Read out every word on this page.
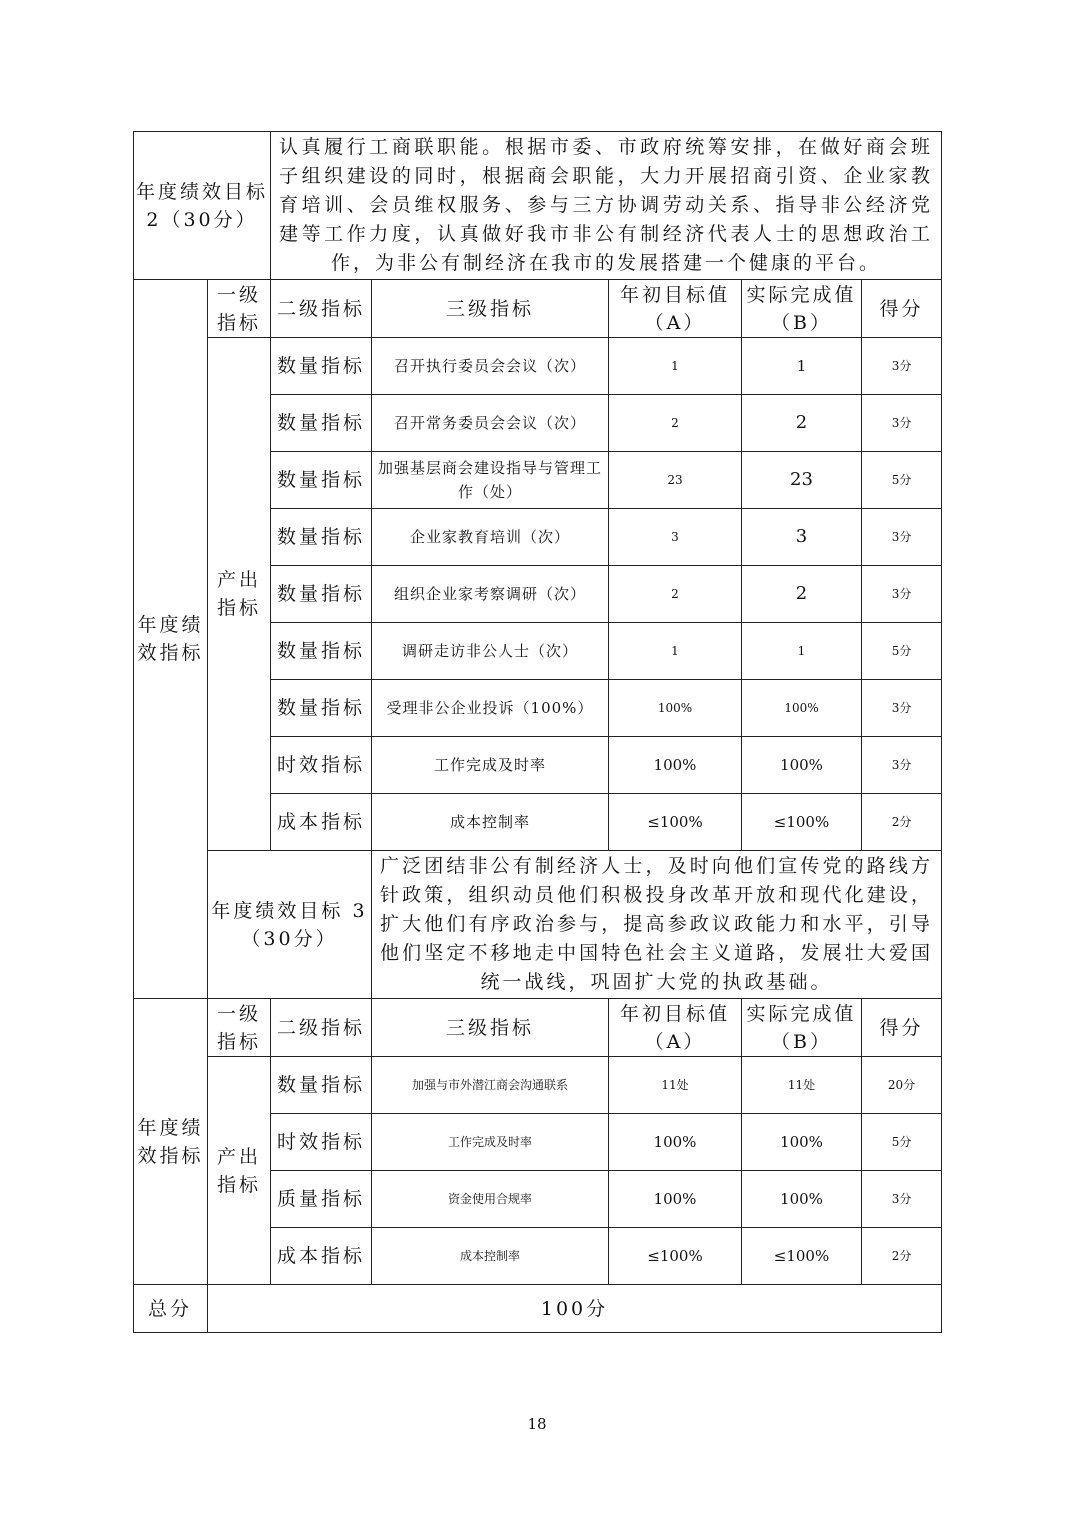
年度绩效目标 2（30分）		认真履行工商联职能。根据市委、市政府统筹安排，在做好商会班子组织建设的同时，根据商会职能，大力开展招商引资、企业家教育培训、会员维权服务、参与三方协调劳动关系、指导非公经济党建等工作力度，认真做好我市非公有制经济代表人士的思想政治工作，为非公有制经济在我市的发展搭建一个健康的平台。				
年度绩效指标	一级指标	二级指标	三级指标	年初目标值（A）	实际完成值（B）	得分
	产出指标	数量指标	召开执行委员会会议（次）	1	1	3分
		数量指标	召开常务委员会会议（次）	2	2	3分
		数量指标	加强基层商会建设指导与管理工作（处）	23	23	5分
		数量指标	企业家教育培训（次）	3	3	3分
		数量指标	组织企业家考察调研（次）	2	2	3分
		数量指标	调研走访非公人士（次）	1	1	5分
		数量指标	受理非公企业投诉（100%）	100%	100%	3分
		时效指标	工作完成及时率	100%	100%	3分
		成本指标	成本控制率	≤100%	≤100%	2分
	年度绩效目标 3（30分）		广泛团结非公有制经济人士，及时向他们宣传党的路线方针政策，组织动员他们积极投身改革开放和现代化建设，扩大他们有序政治参与，提高参政议政能力和水平，引导他们坚定不移地走中国特色社会主义道路，发展壮大爱国统一战线，巩固扩大党的执政基础。			
年度绩效指标	一级指标	二级指标	三级指标	年初目标值（A）	实际完成值（B）	得分
	产出指标	数量指标	加强与市外潜江商会沟通联系	11处	11处	20分
		时效指标	工作完成及时率	100%	100%	5分
		质量指标	资金使用合规率	100%	100%	3分
		成本指标	成本控制率	≤100%	≤100%	2分
总分	100分					
18
